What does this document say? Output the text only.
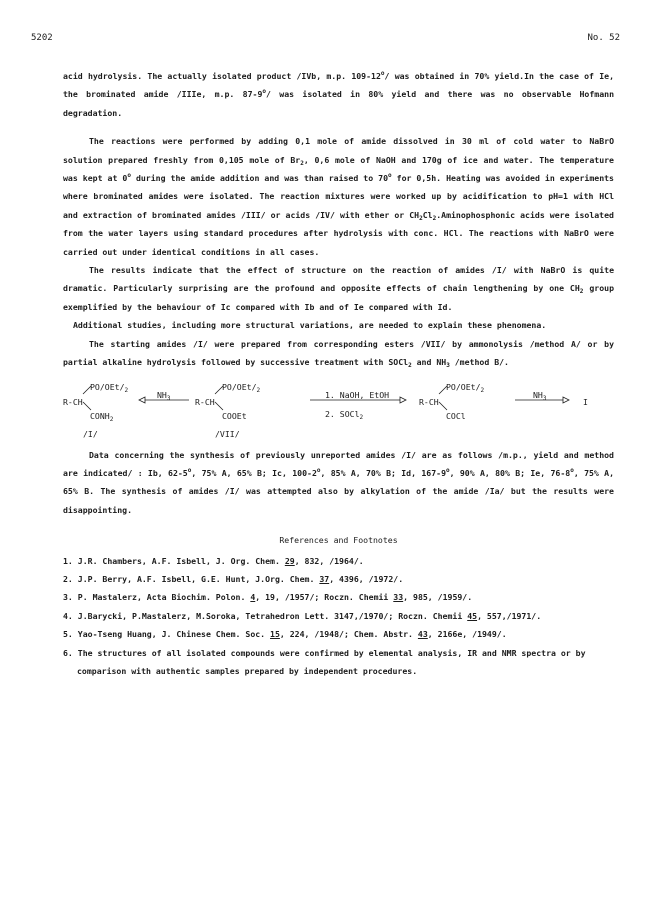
5202	No. 52

acid hydrolysis. The actually isolated product /IVb, m.p. 109-12$^o$/ was obtained in 70% yield.In the case of Ie, the brominated amide /IIIe, m.p. 87-9$^o$/ was isolated in 80% yield and there was no observable Hofmann degradation.

The reactions were performed by adding 0,1 mole of amide dissolved in 30 ml of cold water to NaBrO solution prepared freshly from 0,105 mole of $Br_2$, 0,6 mole of NaOH and 170g of ice and water. The temperature was kept at 0$^o$ during the amide addition and was than raised to 70$^o$ for 0,5h. Heating was avoided in experiments where brominated amides were isolated. The reaction mixtures were worked up by acidification to pH=1 with HCl and extraction of brominated amides /III/ or acids /IV/ with ether or $CH_2Cl_2.Aminophosphonic$ acids were isolated from the water layers using standard procedures after hydrolysis with conc. HCl. The reactions with NaBrO were carried out under identical conditions in all cases.

The results indicate that the effect of structure on the reaction of amides /I/ with NaBrO is quite dramatic. Particularly surprising are the profound and opposite effects of chain lengthening by one $CH_2$ group exemplified by the behaviour of Ic compared with Ib and of Ie compared with Id.

Additional studies, including more structural variations, are needed to explain these phenomena.

The starting amides /I/ were prepared from corresponding esters /VII/ by ammonolysis /method A/ or by partial alkaline hydrolysis followed by successive treatment with SOCl$_2$ and $NH_3$ /method B/.

$PO/OEt/_2$
R-CH
$CONH_2$
/I/
$NH_3$
$PO/OEt/_2$
R-CH
COOEt
/VII/
1. NaOH, EtOH
2. SOCl$_2$
$PO/OEt/_2$
R-CH
COCl
$NH_3$	I

Data concerning the synthesis of previously unreported amides /I/ are as follows /m.p., yield and method are indicated/ : Ib, 62-5$^o$, 75% A, 65% B; Ic, 100-2$^o$, 85% A, 70% B; Id, 167-9$^o$, 90% A, 80% B; Ie, 76-8$^o$, 75% A, 65% B. The synthesis of amides /I/ was attempted also by alkylation of the amide /Ia/ but the results were disappointing.

References and Footnotes
1. J.R. Chambers, A.F. Isbell, J. Org. Chem. 29, 832, /1964/.
2. J.P. Berry, A.F. Isbell, G.E. Hunt, J.Org. Chem. 37, 4396, /1972/.
3. P. Mastalerz, Acta Biochim. Polon. 4, 19, /1957/; Roczn. Chemii 33, 985, /1959/.
4. J.Barycki, P.Mastalerz, M.Soroka, Tetrahedron Lett. 3147,/1970/; Roczn. Chemii 45, 557,/1971/.
5. Yao-Tseng Huang, J. Chinese Chem. Soc. 15, 224, /1948/; Chem. Abstr. 43, 2166e, /1949/.
6. The structures of all isolated compounds were confirmed by elemental analysis, IR and NMR spectra or by comparison with authentic samples prepared by independent procedures.
